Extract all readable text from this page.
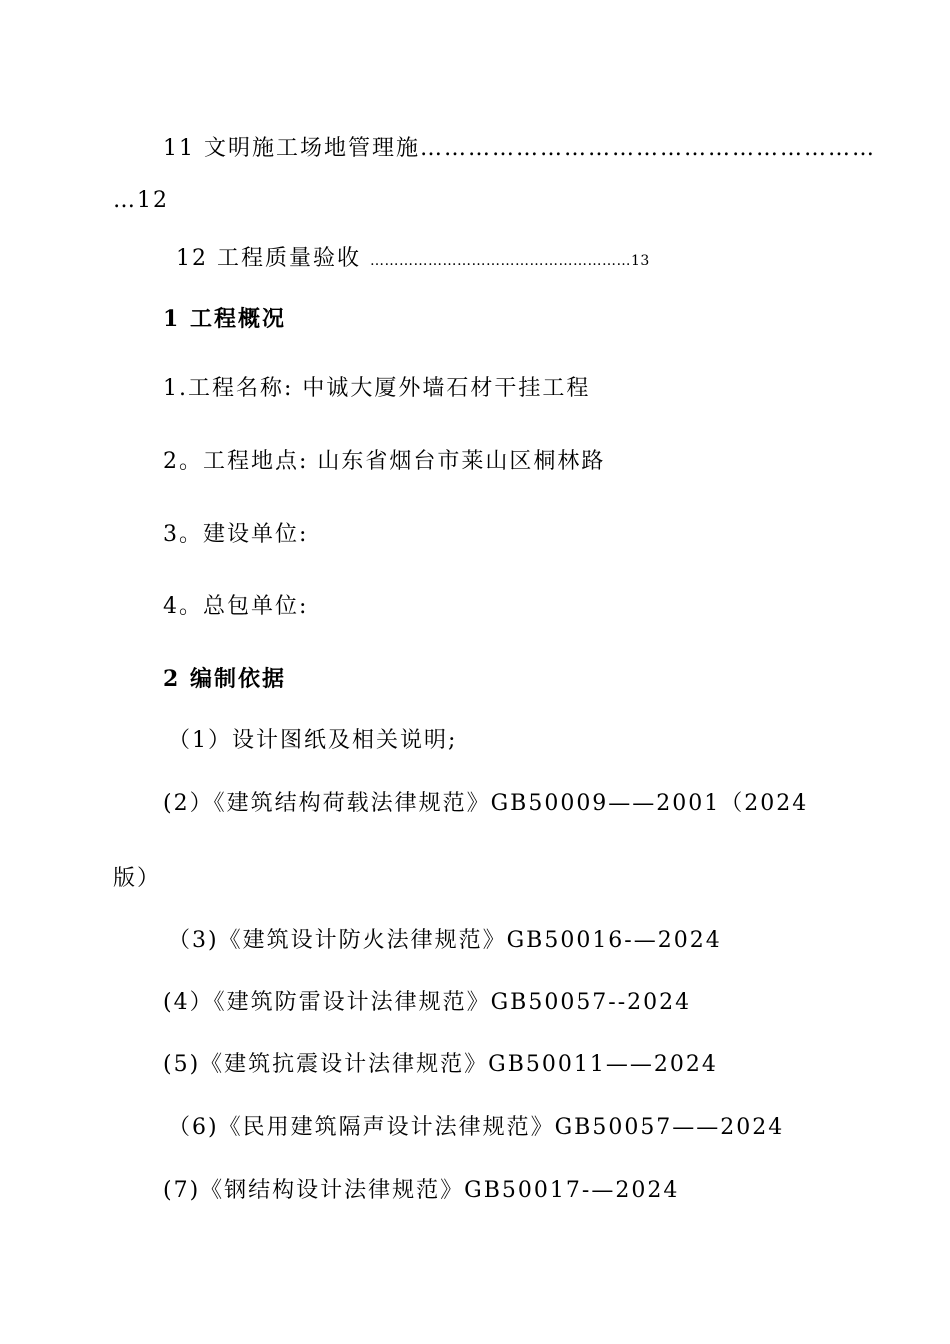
11 文明施工场地管理施…………………………………………………
…12
12 工程质量验收 ………………………………………………13
1 工程概况
1.工程名称: 中诚大厦外墙石材干挂工程
2。工程地点: 山东省烟台市莱山区桐林路
3。建设单位:
4。总包单位:
2 编制依据
（1）设计图纸及相关说明;
(2）《建筑结构荷载法律规范》GB50009——2001（2024
版）
（3)《建筑设计防火法律规范》GB50016-—2024
(4）《建筑防雷设计法律规范》GB50057--2024
(5)《建筑抗震设计法律规范》GB50011——2024
（6)《民用建筑隔声设计法律规范》GB50057——2024
(7)《钢结构设计法律规范》GB50017-—2024
